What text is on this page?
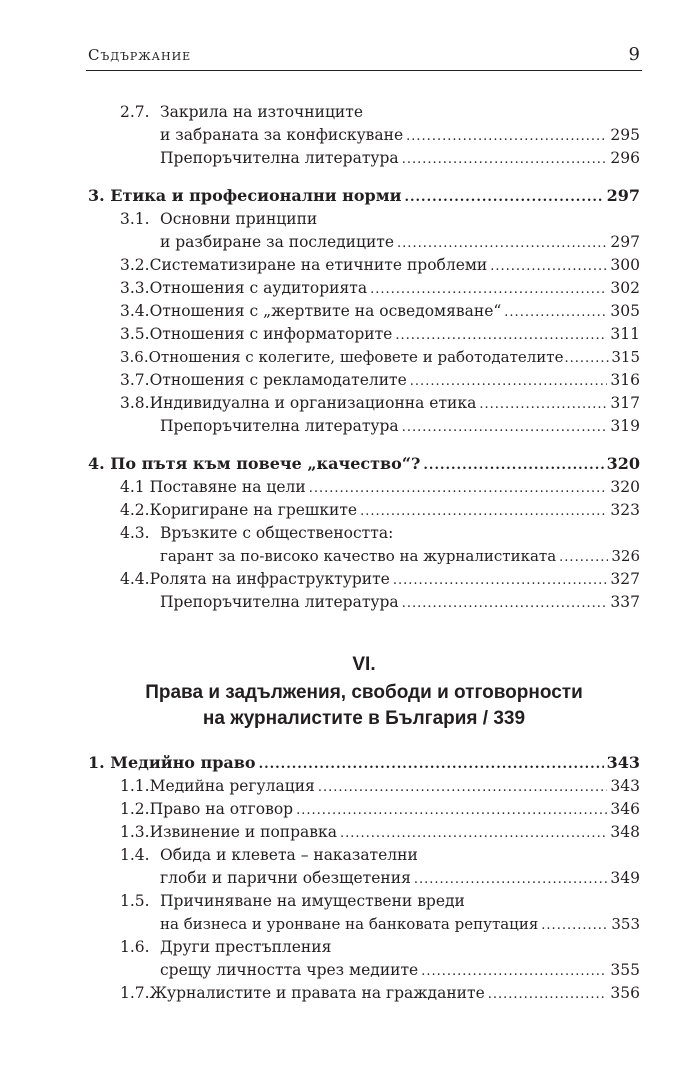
Съдържание	9
2.7. Закрила на източниците
и забраната за конфискуване .....	295
Препоръчителна литература .....	296
3. Етика и професионални норми .....	297
3.1. Основни принципи
и разбиране за последиците .....	297
3.2. Систематизиране на етичните проблеми .....	300
3.3. Отношения с аудиторията .....	302
3.4. Отношения с „жертвите на осведомяване“ .....	305
3.5. Отношения с информаторите .....	311
3.6. Отношения с колегите, шефовете и работодателите .....	315
3.7. Отношения с рекламодателите .....	316
3.8. Индивидуална и организационна етика .....	317
Препоръчителна литература .....	319
4. По пътя към повече „качество“? .....	320
4.1 Поставяне на цели .....	320
4.2. Коригиране на грешките .....	323
4.3. Връзките с обществеността:
гарант за по-високо качество на журналистиката .....	326
4.4. Ролята на инфраструктурите .....	327
Препоръчителна литература .....	337
VI.
Права и задължения, свободи и отговорности
на журналистите в България / 339
1. Медийно право .....	343
1.1. Медийна регулация .....	343
1.2. Право на отговор .....	346
1.3. Извинение и поправка .....	348
1.4. Обида и клевета – наказателни
глоби и парични обезщетения .....	349
1.5. Причиняване на имуществени вреди
на бизнеса и уронване на банковата репутация .....	353
1.6. Други престъпления
срещу личността чрез медиите .....	355
1.7. Журналистите и правата на гражданите .....	356
